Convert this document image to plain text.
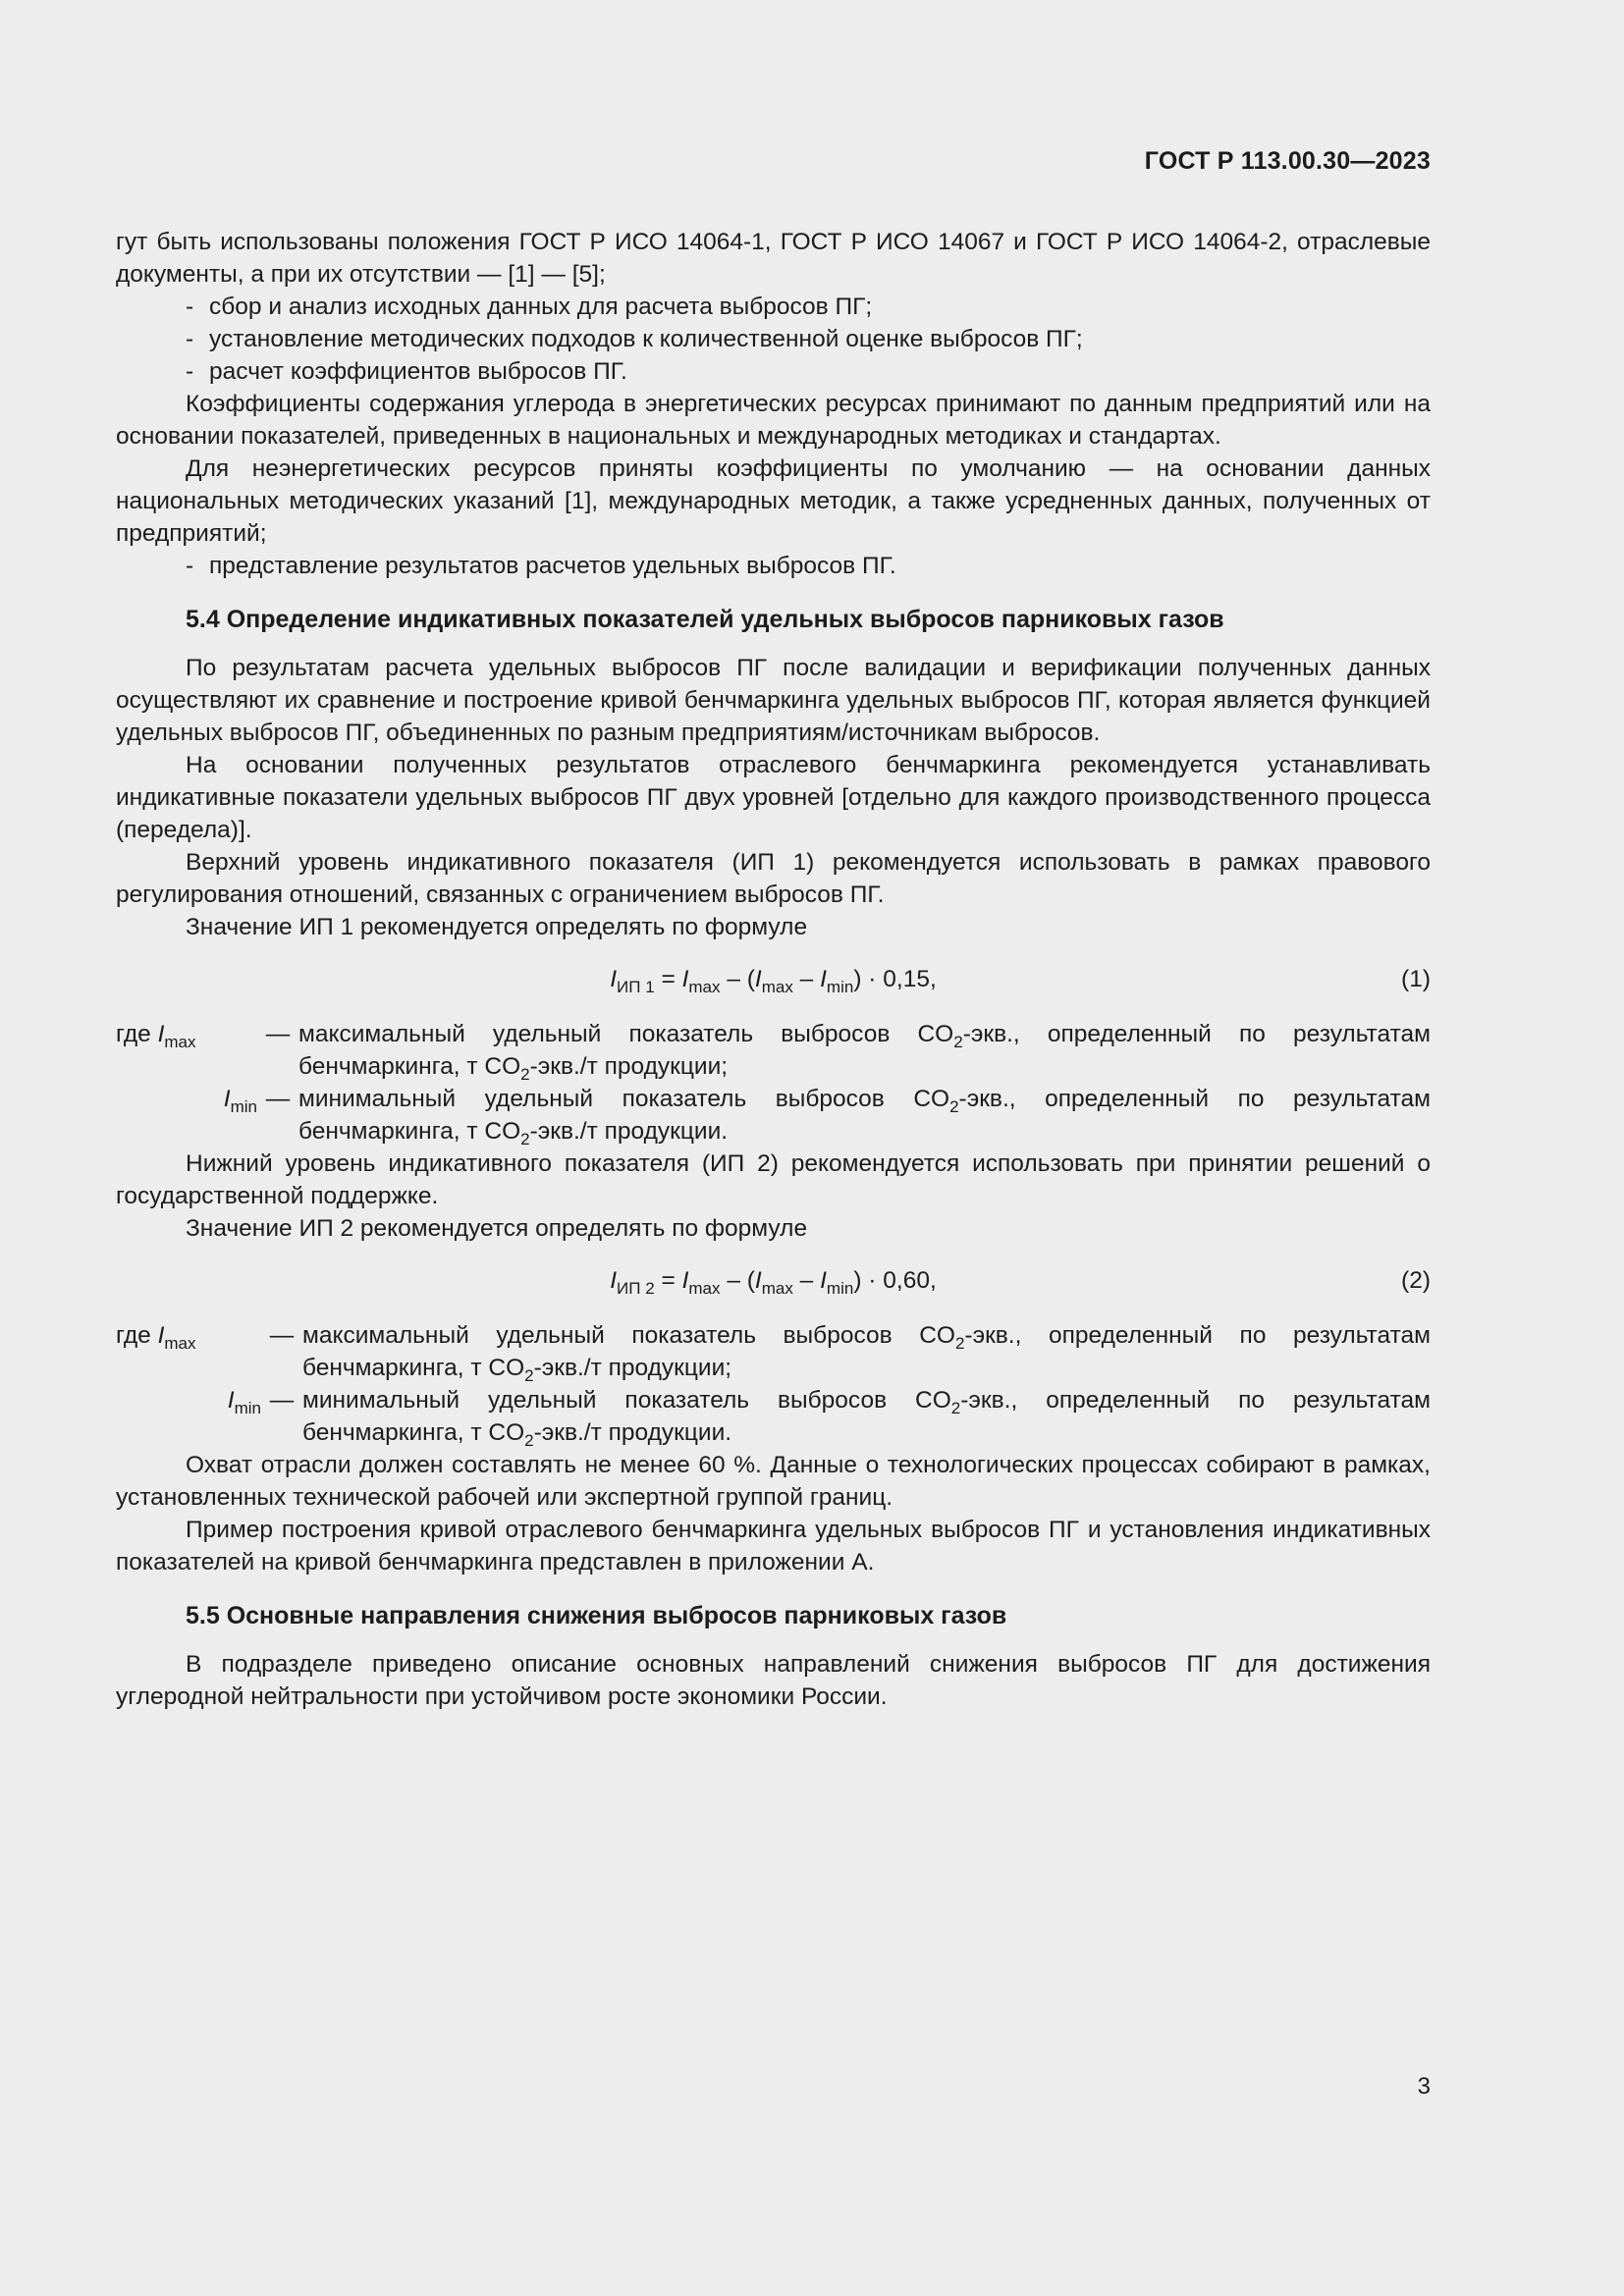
ГОСТ Р 113.00.30—2023

гут быть использованы положения ГОСТ Р ИСО 14064-1, ГОСТ Р ИСО 14067 и ГОСТ Р ИСО 14064-2, отраслевые документы, а при их отсутствии — [1] — [5];

- сбор и анализ исходных данных для расчета выбросов ПГ;

- установление методических подходов к количественной оценке выбросов ПГ;

- расчет коэффициентов выбросов ПГ.

Коэффициенты содержания углерода в энергетических ресурсах принимают по данным предприятий или на основании показателей, приведенных в национальных и международных методиках и стандартах.

Для неэнергетических ресурсов приняты коэффициенты по умолчанию — на основании данных национальных методических указаний [1], международных методик, а также усредненных данных, полученных от предприятий;

- представление результатов расчетов удельных выбросов ПГ.

5.4 Определение индикативных показателей удельных выбросов парниковых газов

По результатам расчета удельных выбросов ПГ после валидации и верификации полученных данных осуществляют их сравнение и построение кривой бенчмаркинга удельных выбросов ПГ, которая является функцией удельных выбросов ПГ, объединенных по разным предприятиям/источникам выбросов.

На основании полученных результатов отраслевого бенчмаркинга рекомендуется устанавливать индикативные показатели удельных выбросов ПГ двух уровней [отдельно для каждого производственного процесса (передела)].

Верхний уровень индикативного показателя (ИП 1) рекомендуется использовать в рамках правового регулирования отношений, связанных с ограничением выбросов ПГ.

Значение ИП 1 рекомендуется определять по формуле

$I_{ИП 1} = I_{max} - (I_{max} - I_{min}) \cdot 0,15$,	(1)
где $I_{max}$	— максимальный удельный показатель выбросов $CO_2$-экв., определенный по результатам бенчмаркинга, т $CO_2-экв./т$ продукции;
$I_{min}$ — минимальный удельный показатель выбросов $CO_2$-экв., определенный по результатам бенчмаркинга, т $CO_2-экв./т$ продукции.

Нижний уровень индикативного показателя (ИП 2) рекомендуется использовать при принятии решений о государственной поддержке.

Значение ИП 2 рекомендуется определять по формуле

$I_{ИП 2} = I_{max} - (I_{max} - I_{min}) \cdot 0,60$,	(2)
где $I_{max}$	— максимальный удельный показатель выбросов $CO_2$-экв., определенный по результатам бенчмаркинга, т $CO_2-экв./т$ продукции;
$I_{min}$ — минимальный удельный показатель выбросов $CO_2$-экв., определенный по результатам бенчмаркинга, т $CO_2-экв./т$ продукции.

Охват отрасли должен составлять не менее 60 %. Данные о технологических процессах собирают в рамках, установленных технической рабочей или экспертной группой границ.

Пример построения кривой отраслевого бенчмаркинга удельных выбросов ПГ и установления индикативных показателей на кривой бенчмаркинга представлен в приложении А.

5.5 Основные направления снижения выбросов парниковых газов

В подразделе приведено описание основных направлений снижения выбросов ПГ для достижения углеродной нейтральности при устойчивом росте экономики России.

3
